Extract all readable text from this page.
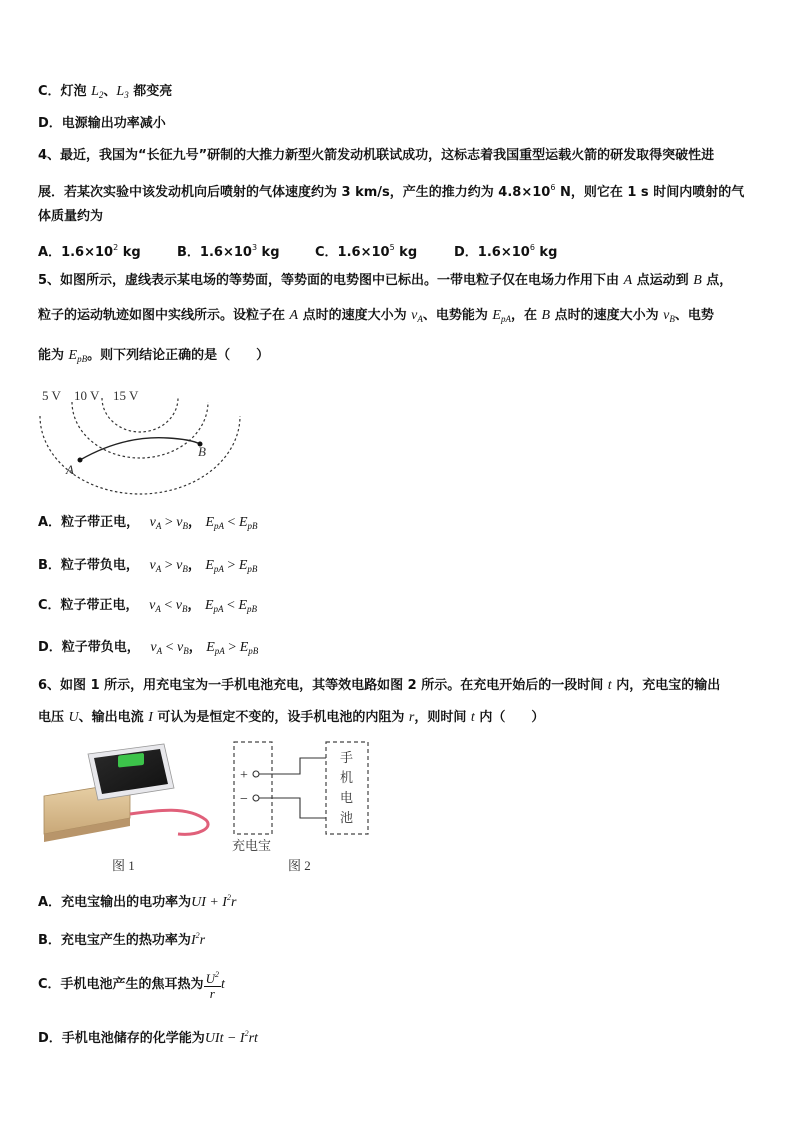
C．灯泡 $L_2$、$L_3$ 都变亮
D．电源输出功率减小
4、最近，我国为“长征九号”研制的大推力新型火箭发动机联试成功，这标志着我国重型运载火箭的研发取得突破性进
展．若某次实验中该发动机向后喷射的气体速度约为 3 km/s，产生的推力约为 $4.8\times 10^6$ N，则它在 1 s 时间内喷射的气
体质量约为
A．$1.6\times 10^2$ kg	B．$1.6\times 10^3$ kg	C．$1.6\times 10^5$ kg	D．$1.6\times 10^6$ kg
5、如图所示，虚线表示某电场的等势面，等势面的电势图中已标出。一带电粒子仅在电场力作用下由 A 点运动到 B 点，
粒子的运动轨迹如图中实线所示。设粒子在 A 点时的速度大小为 $v_A$、电势能为 $E_{pA}$，在 B 点时的速度大小为 $v_B$、电势
能为 $E_{pB}$。则下列结论正确的是（　　）
5 V 10 V 15 V
A
B
A．粒子带正电， $v_A > v_B$， $E_{pA} < E_{pB}$
B．粒子带负电， $v_A > v_B$， $E_{pA} > E_{pB}$
C．粒子带正电， $v_A < v_B$， $E_{pA} < E_{pB}$
D．粒子带负电， $v_A < v_B$， $E_{pA} > E_{pB}$
6、如图 1 所示，用充电宝为一手机电池充电，其等效电路如图 2 所示。在充电开始后的一段时间 t 内，充电宝的输出
电压 U、输出电流 I 可认为是恒定不变的，设手机电池的内阻为 r，则时间 t 内（　　）
图 1
+
−
手
机
电
池
充电宝
图 2
A．充电宝输出的电功率为UI + $I^2r$
B．充电宝产生的热功率为$I^2r$
C．手机电池产生的焦耳热为 $\frac{U^2}{r}$ t
D．手机电池储存的化学能为UIt − $I^2rt$
